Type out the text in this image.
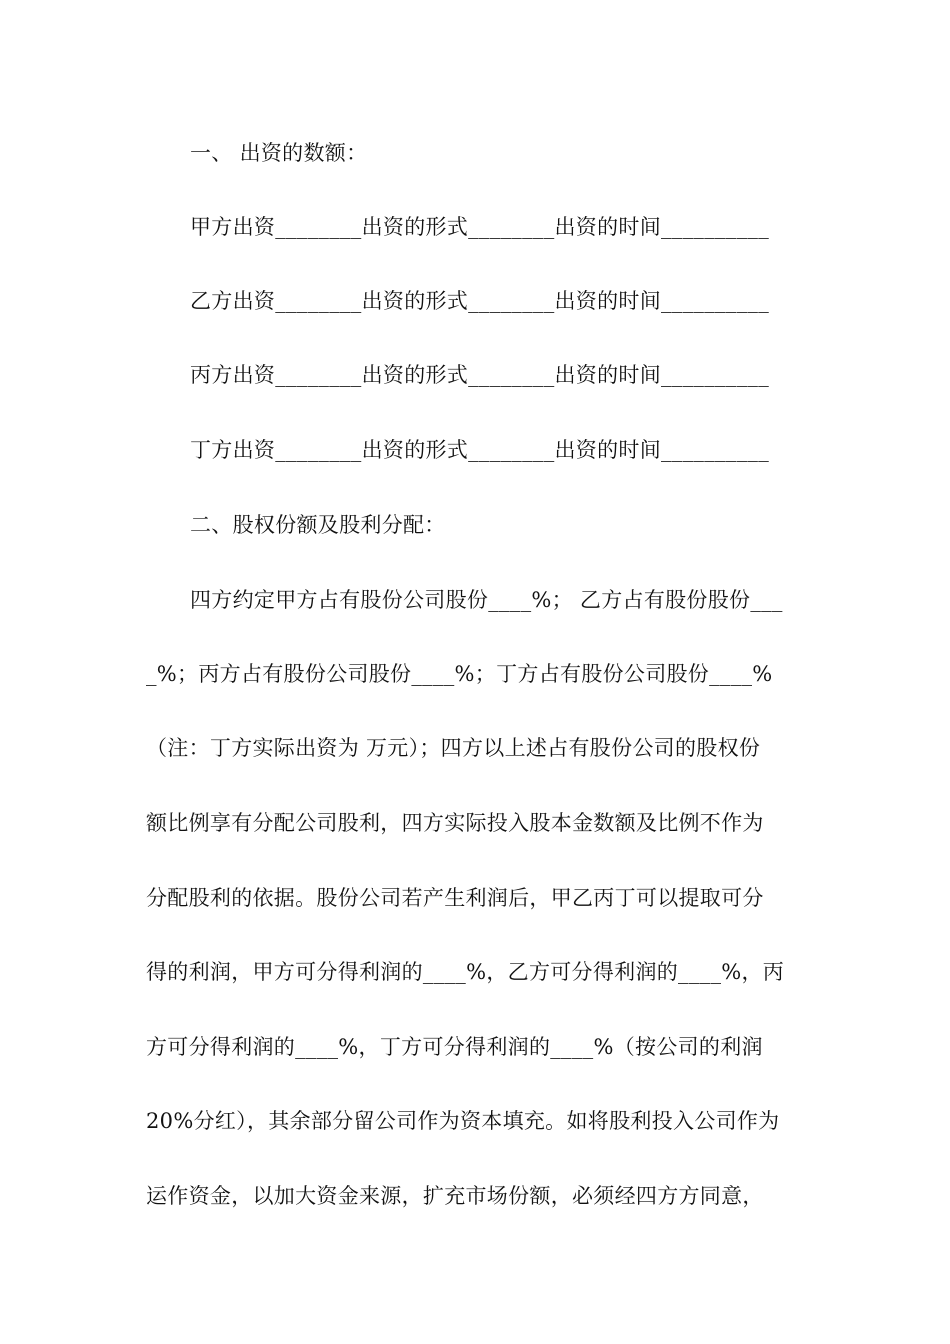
一、 出资的数额：
甲方出资________出资的形式________出资的时间__________
乙方出资________出资的形式________出资的时间__________
丙方出资________出资的形式________出资的时间__________
丁方出资________出资的形式________出资的时间__________
二、股权份额及股利分配：
四方约定甲方占有股份公司股份____%； 乙方占有股份股份___
_%；丙方占有股份公司股份____%；丁方占有股份公司股份____%
（注：丁方实际出资为 万元）；四方以上述占有股份公司的股权份
额比例享有分配公司股利，四方实际投入股本金数额及比例不作为
分配股利的依据。股份公司若产生利润后，甲乙丙丁可以提取可分
得的利润，甲方可分得利润的____%，乙方可分得利润的____%，丙
方可分得利润的____%，丁方可分得利润的____%（按公司的利润
20%分红），其余部分留公司作为资本填充。如将股利投入公司作为
运作资金，以加大资金来源，扩充市场份额，必须经四方方同意，
